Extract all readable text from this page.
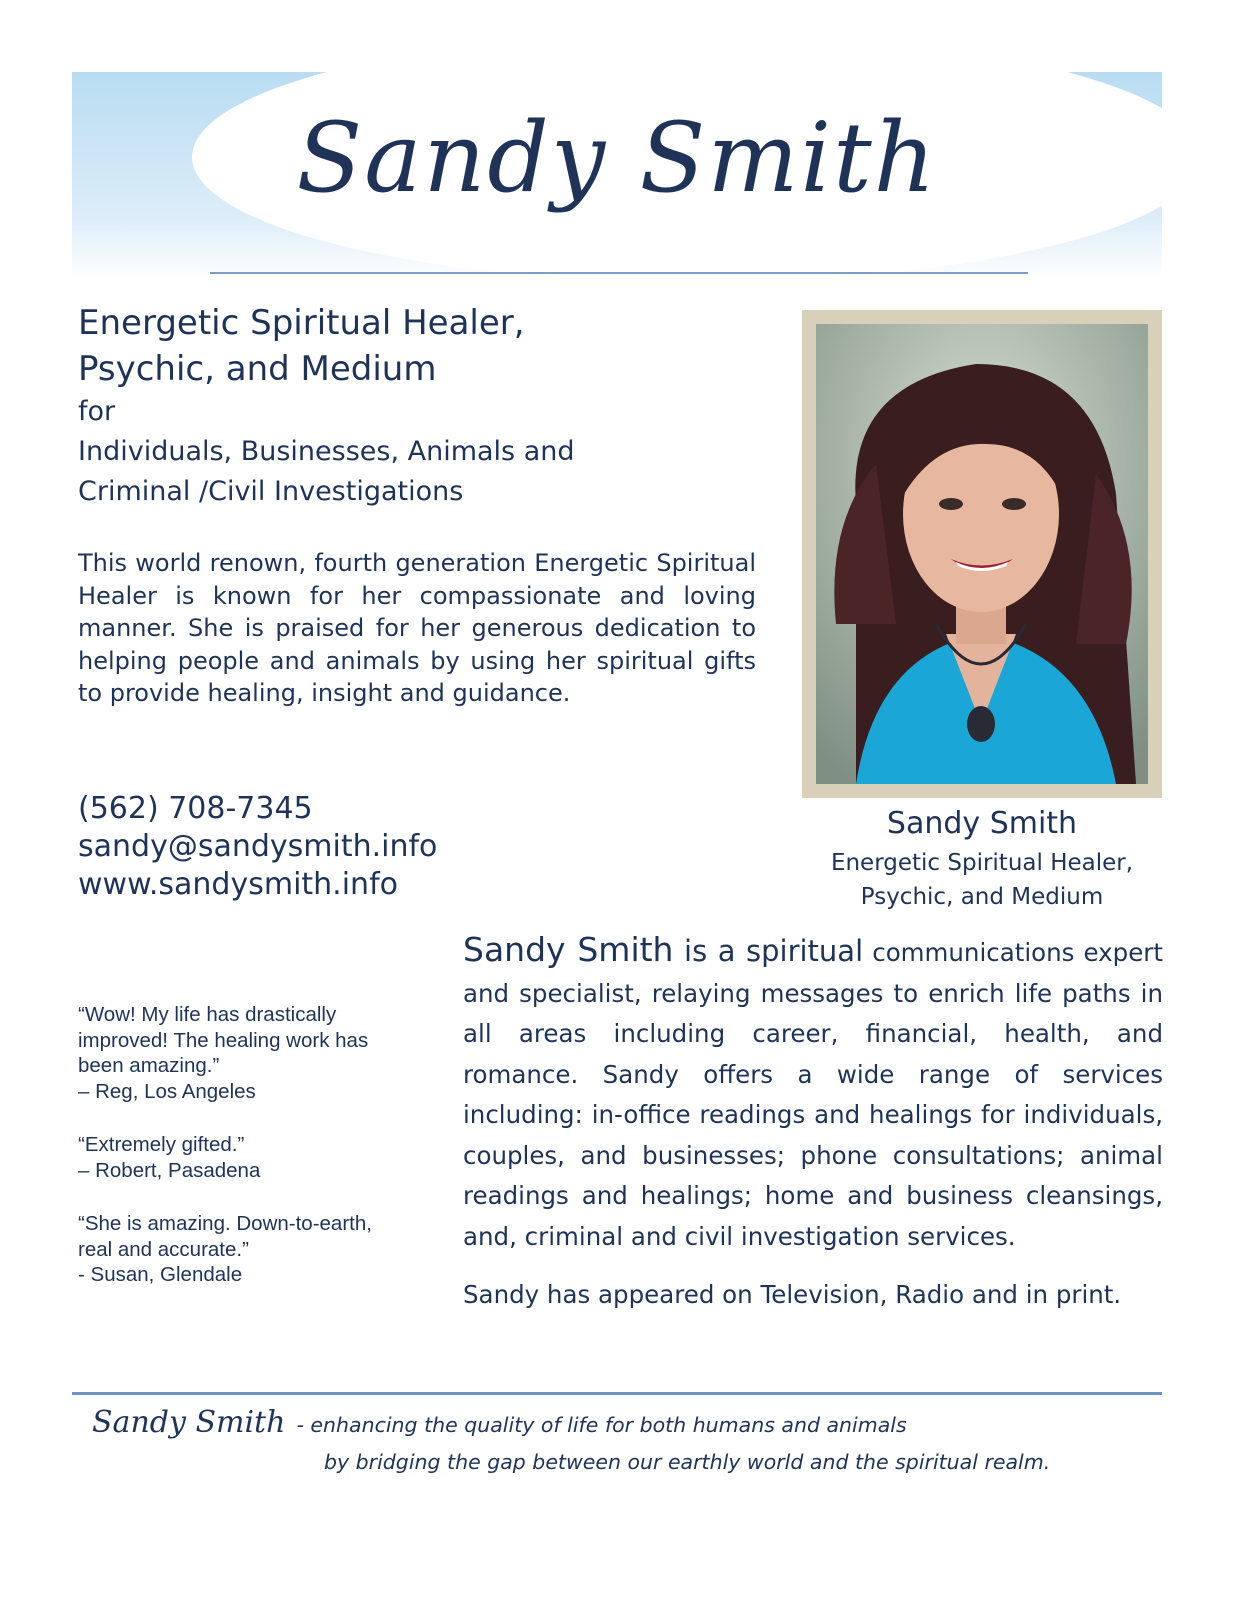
Sandy Smith
Energetic Spiritual Healer,
Psychic, and Medium
for
Individuals, Businesses, Animals and
Criminal /Civil Investigations
This world renown, fourth generation Energetic Spiritual Healer is known for her compassionate and loving manner. She is praised for her generous dedication to helping people and animals by using her spiritual gifts to provide healing, insight and guidance.
(562) 708-7345
sandy@sandysmith.info
www.sandysmith.info
Sandy Smith
Energetic Spiritual Healer,
Psychic, and Medium
“Wow! My life has drastically improved! The healing work has been amazing.”
– Reg, Los Angeles
“Extremely gifted.”
– Robert, Pasadena
“She is amazing. Down-to-earth, real and accurate.”
- Susan, Glendale

Sandy Smith is a spiritual communications expert and specialist, relaying messages to enrich life paths in all areas including career, financial, health, and romance. Sandy offers a wide range of services including: in-office readings and healings for individuals, couples, and businesses; phone consultations; animal readings and healings; home and business cleansings, and, criminal and civil investigation services.

Sandy has appeared on Television, Radio and in print.

Sandy Smith - enhancing the quality of life for both humans and animals
by bridging the gap between our earthly world and the spiritual realm.
